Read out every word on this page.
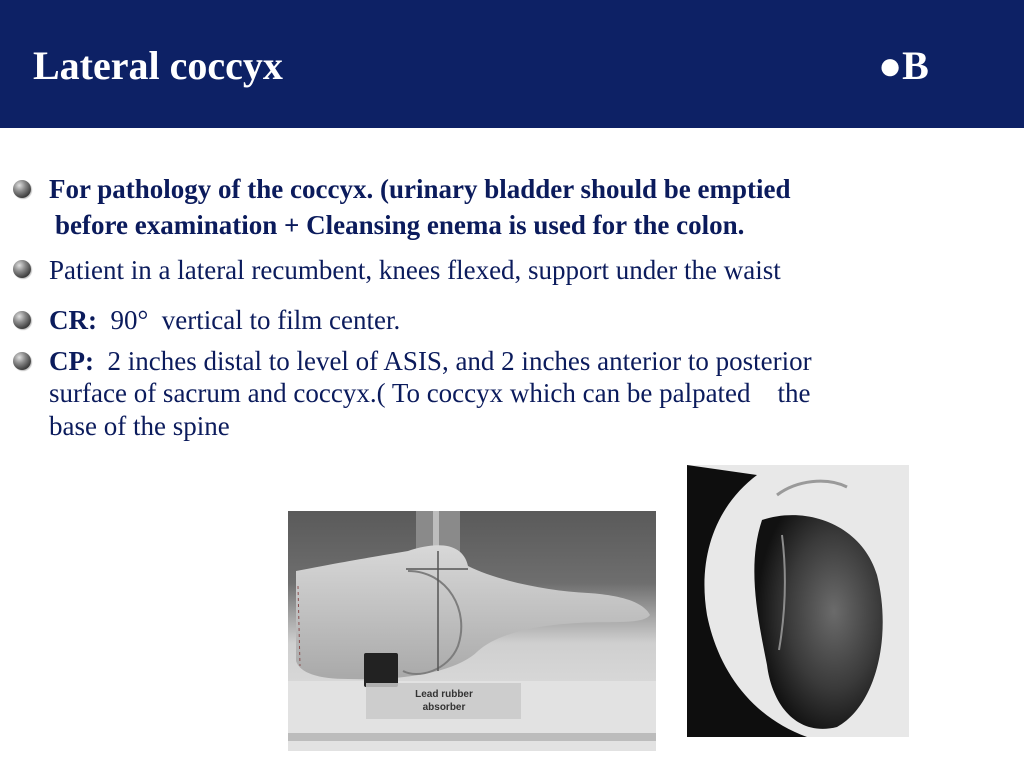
Lateral coccyx	●B
For pathology of the coccyx. (urinary bladder should be emptied
before examination + Cleansing enema is used for the colon.
Patient in a lateral recumbent, knees flexed, support under the waist
CR:  90°  vertical to film center.
CP:  2 inches distal to level of ASIS, and 2 inches anterior to posterior
surface of sacrum and coccyx.( To coccyx which can be palpated    the
base of the spine
Lead rubber
absorber
